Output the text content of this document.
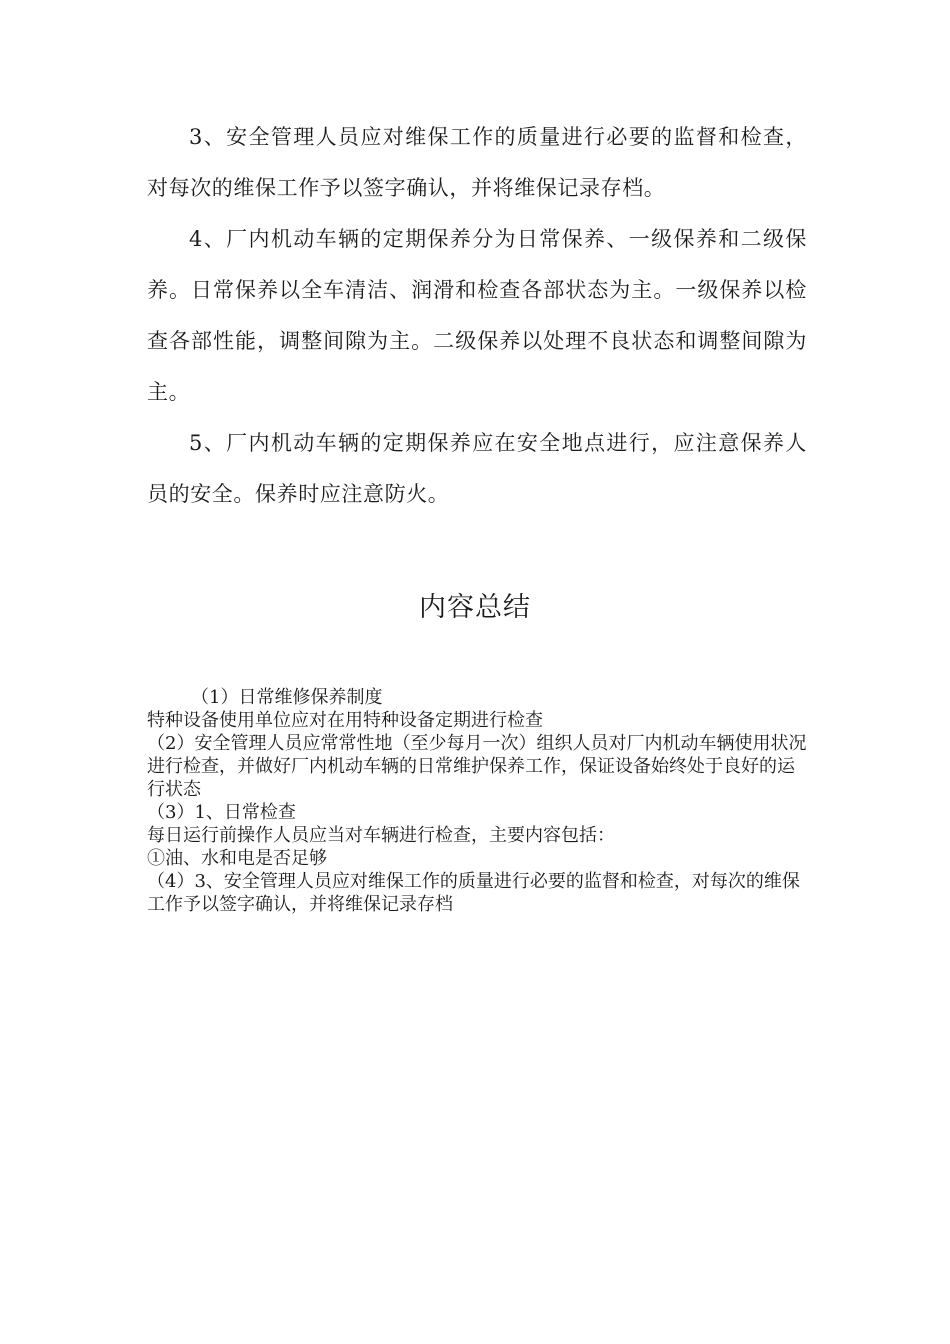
3、安全管理人员应对维保工作的质量进行必要的监督和检查，对每次的维保工作予以签字确认，并将维保记录存档。

4、厂内机动车辆的定期保养分为日常保养、一级保养和二级保养。日常保养以全车清洁、润滑和检查各部状态为主。一级保养以检查各部性能，调整间隙为主。二级保养以处理不良状态和调整间隙为主。

5、厂内机动车辆的定期保养应在安全地点进行，应注意保养人员的安全。保养时应注意防火。

内容总结
（1）日常维修保养制度
特种设备使用单位应对在用特种设备定期进行检查
（2）安全管理人员应常常性地（至少每月一次）组织人员对厂内机动车辆使用状况进行检查，并做好厂内机动车辆的日常维护保养工作，保证设备始终处于良好的运行状态
（3）1、日常检查
每日运行前操作人员应当对车辆进行检查，主要内容包括：
①油、水和电是否足够
（4）3、安全管理人员应对维保工作的质量进行必要的监督和检查，对每次的维保工作予以签字确认，并将维保记录存档
